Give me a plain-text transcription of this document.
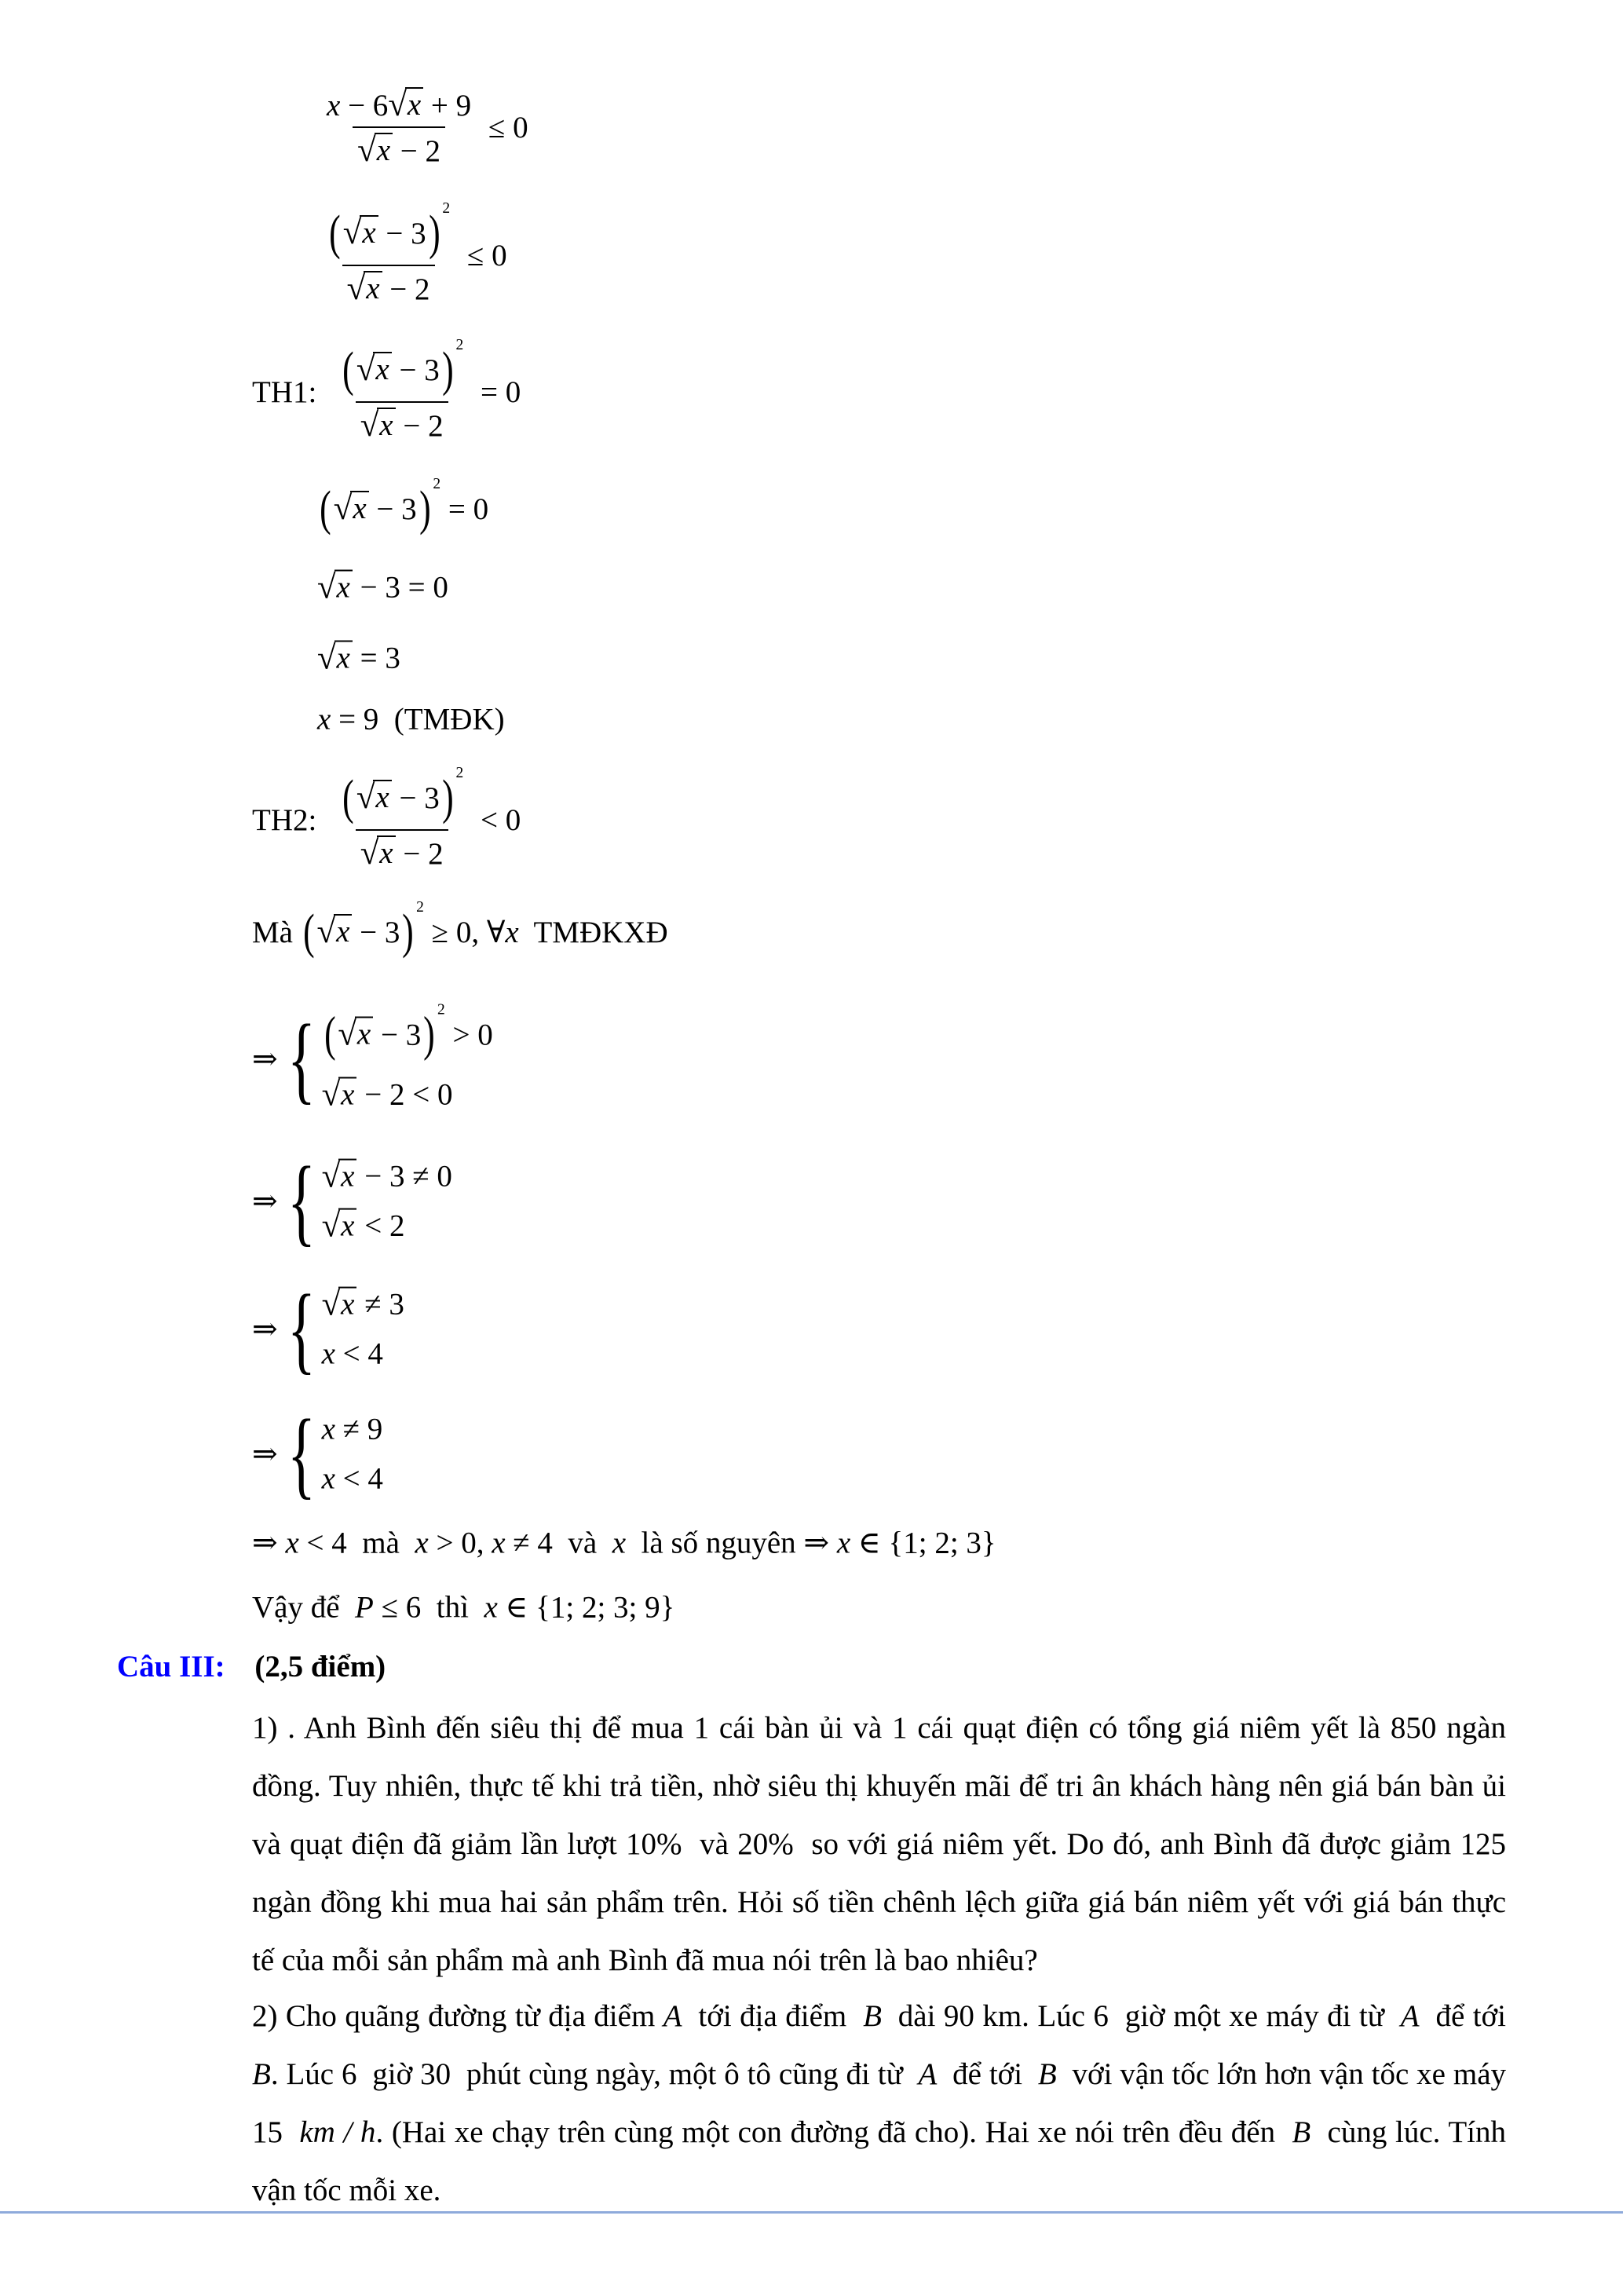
$\frac{x - 6 √ x + 9}{√ x - 2} \le 0$
$\frac{( √ x - 3 )^2}{√ x - 2} \le 0$
TH1: $\frac{( √ x - 3 )^2}{√ x - 2} = 0$
( √ x − 3 )$^2$
= 0
√ x − 3 = 0
√ x = 3
x = 9  (TMĐK)
TH2: $\frac{( √ x - 3 )^2}{√ x - 2} < 0$
Mà ( √ x − 3 )$^2$
≥ 0, ∀ x TMĐKXĐ
⇒ { ( √ x − 3 )$^2$
> 0
√ x − 2 < 0
⇒ { √ x − 3 ≠ 0
√ x < 2
⇒ { √ x ≠ 3
x < 4
⇒ { x ≠ 9
x < 4
⇒ x < 4  mà x > 0, x ≠ 4  và x là số nguyên ⇒ x ∈ {1; 2; 3}
Vậy để P ≤ 6  thì x ∈ {1; 2; 3; 9}
Câu III: (2,5 điểm)
1) . Anh Bình đến siêu thị để mua 1 cái bàn ủi và 1 cái quạt điện có tổng giá niêm yết là 850 ngàn đồng. Tuy nhiên, thực tế khi trả tiền, nhờ siêu thị khuyến mãi để tri ân khách hàng nên giá bán bàn ủi và quạt điện đã giảm lần lượt 10%  và 20%  so với giá niêm yết. Do đó, anh Bình đã được giảm 125  ngàn đồng khi mua hai sản phẩm trên. Hỏi số tiền chênh lệch giữa giá bán niêm yết với giá bán thực tế của mỗi sản phẩm mà anh Bình đã mua nói trên là bao nhiêu?
2) Cho quãng đường từ địa điểm A  tới địa điểm  B  dài 90 km. Lúc 6  giờ một xe máy đi từ  A  để tới  B. Lúc 6  giờ 30  phút cùng ngày, một ô tô cũng đi từ  A  để tới  B  với vận tốc lớn hơn vận tốc xe máy 15  km / h. (Hai xe chạy trên cùng một con đường đã cho). Hai xe nói trên đều đến  B  cùng lúc. Tính vận tốc mỗi xe.
